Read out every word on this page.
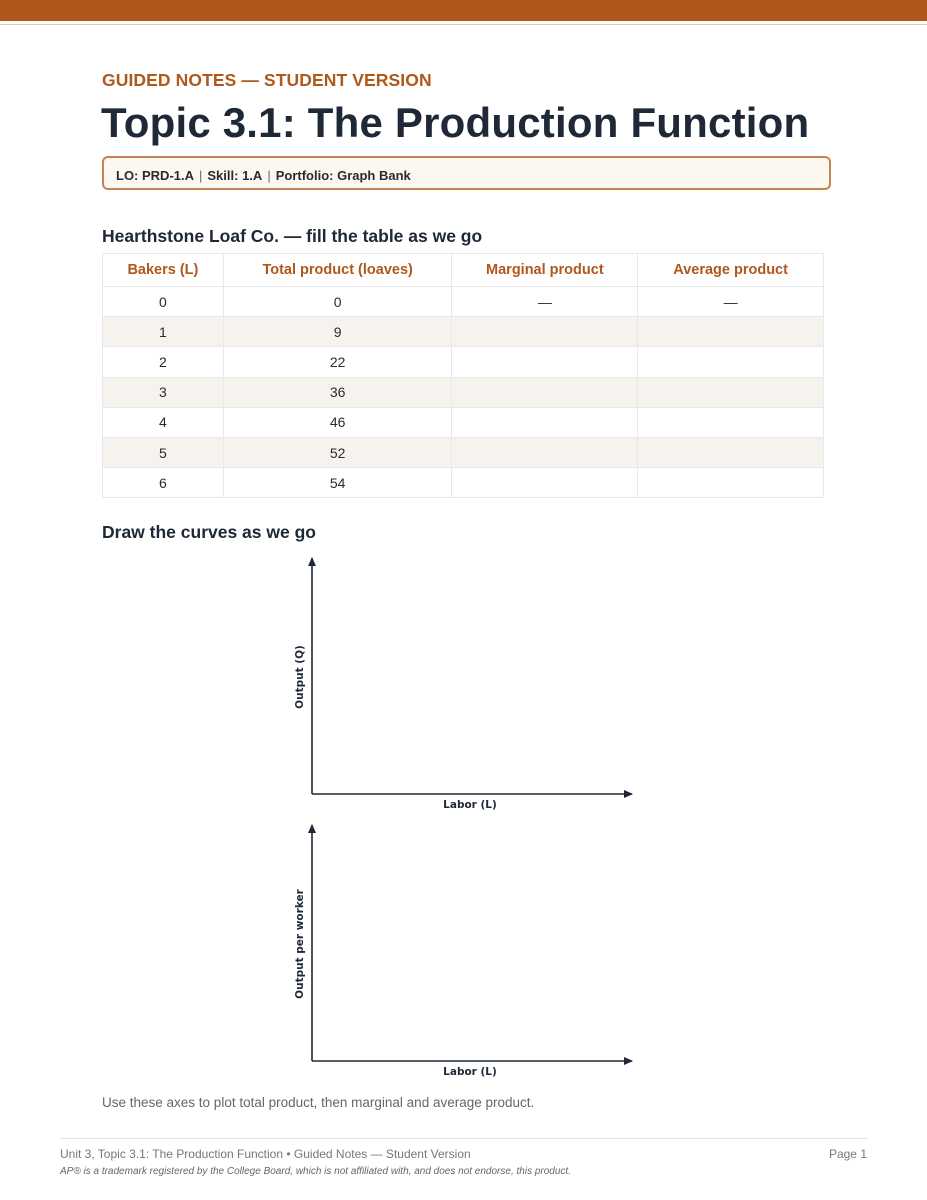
GUIDED NOTES — STUDENT VERSION
Topic 3.1: The Production Function
LO: PRD-1.A | Skill: 1.A | Portfolio: Graph Bank
Hearthstone Loaf Co. — fill the table as we go
Bakers (L)	Total product (loaves)	Marginal product	Average product
0	0	—	—
1	9		
2	22		
3	36		
4	46		
5	52		
6	54		
Draw the curves as we go
Output (Q)
Labor (L)
Output per worker
Labor (L)
Use these axes to plot total product, then marginal and average product.
Unit 3, Topic 3.1: The Production Function • Guided Notes — Student Version	Page 1
AP® is a trademark registered by the College Board, which is not affiliated with, and does not endorse, this product.
